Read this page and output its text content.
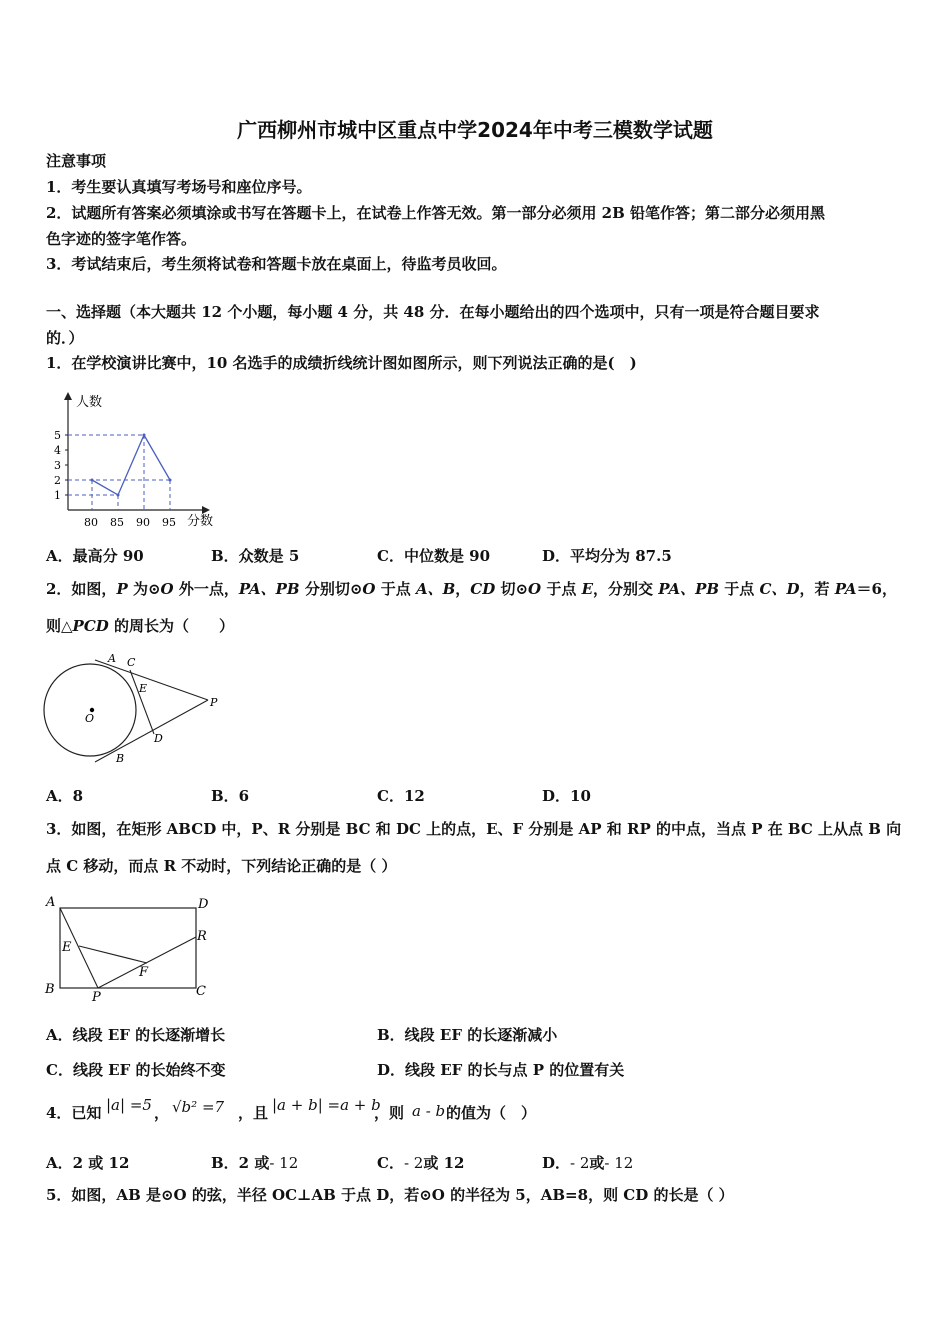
广西柳州市城中区重点中学2024年中考三模数学试题
注意事项
1．考生要认真填写考场号和座位序号。
2．试题所有答案必须填涂或书写在答题卡上，在试卷上作答无效。第一部分必须用 2B 铅笔作答；第二部分必须用黑
色字迹的签字笔作答。
3．考试结束后，考生须将试卷和答题卡放在桌面上，待监考员收回。
一、选择题（本大题共 12 个小题，每小题 4 分，共 48 分．在每小题给出的四个选项中，只有一项是符合题目要求
的．）
1．在学校演讲比赛中，10 名选手的成绩折线统计图如图所示，则下列说法正确的是(　)
1
2
3
4
5
80 85 90 95
人数
分数
A．最高分 90	B．众数是 5	C．中位数是 90	D．平均分为 87.5
2．如图，P 为⊙O 外一点，PA、PB 分别切⊙O 于点 A、B，CD 切⊙O 于点 E，分别交 PA、PB 于点 C、D，若 PA＝6，
则△PCD 的周长为（　　）
A C
E
P
O
D
B
A．8	B．6	C．12	D．10
3．如图，在矩形 ABCD 中，P、R 分别是 BC 和 DC 上的点，E、F 分别是 AP 和 RP 的中点，当点 P 在 BC 上从点 B 向
点 C 移动，而点 R 不动时，下列结论正确的是（ ）
A	D
E
R
F
B
P	C
A．线段 EF 的长逐渐增长	B．线段 EF 的长逐渐减小
C．线段 EF 的长始终不变	D．线段 EF 的长与点 P 的位置有关
4．已知 |a| =5 ， √b² =7 ，且 |a + b| =a + b
，则 a - b 的值为（　）
A．2 或 12	B．2 或- 12	C．- 2或 12	D．- 2或- 12
5．如图，AB 是⊙O 的弦，半径 OC⊥AB 于点 D，若⊙O 的半径为 5，AB=8，则 CD 的长是（ ）
